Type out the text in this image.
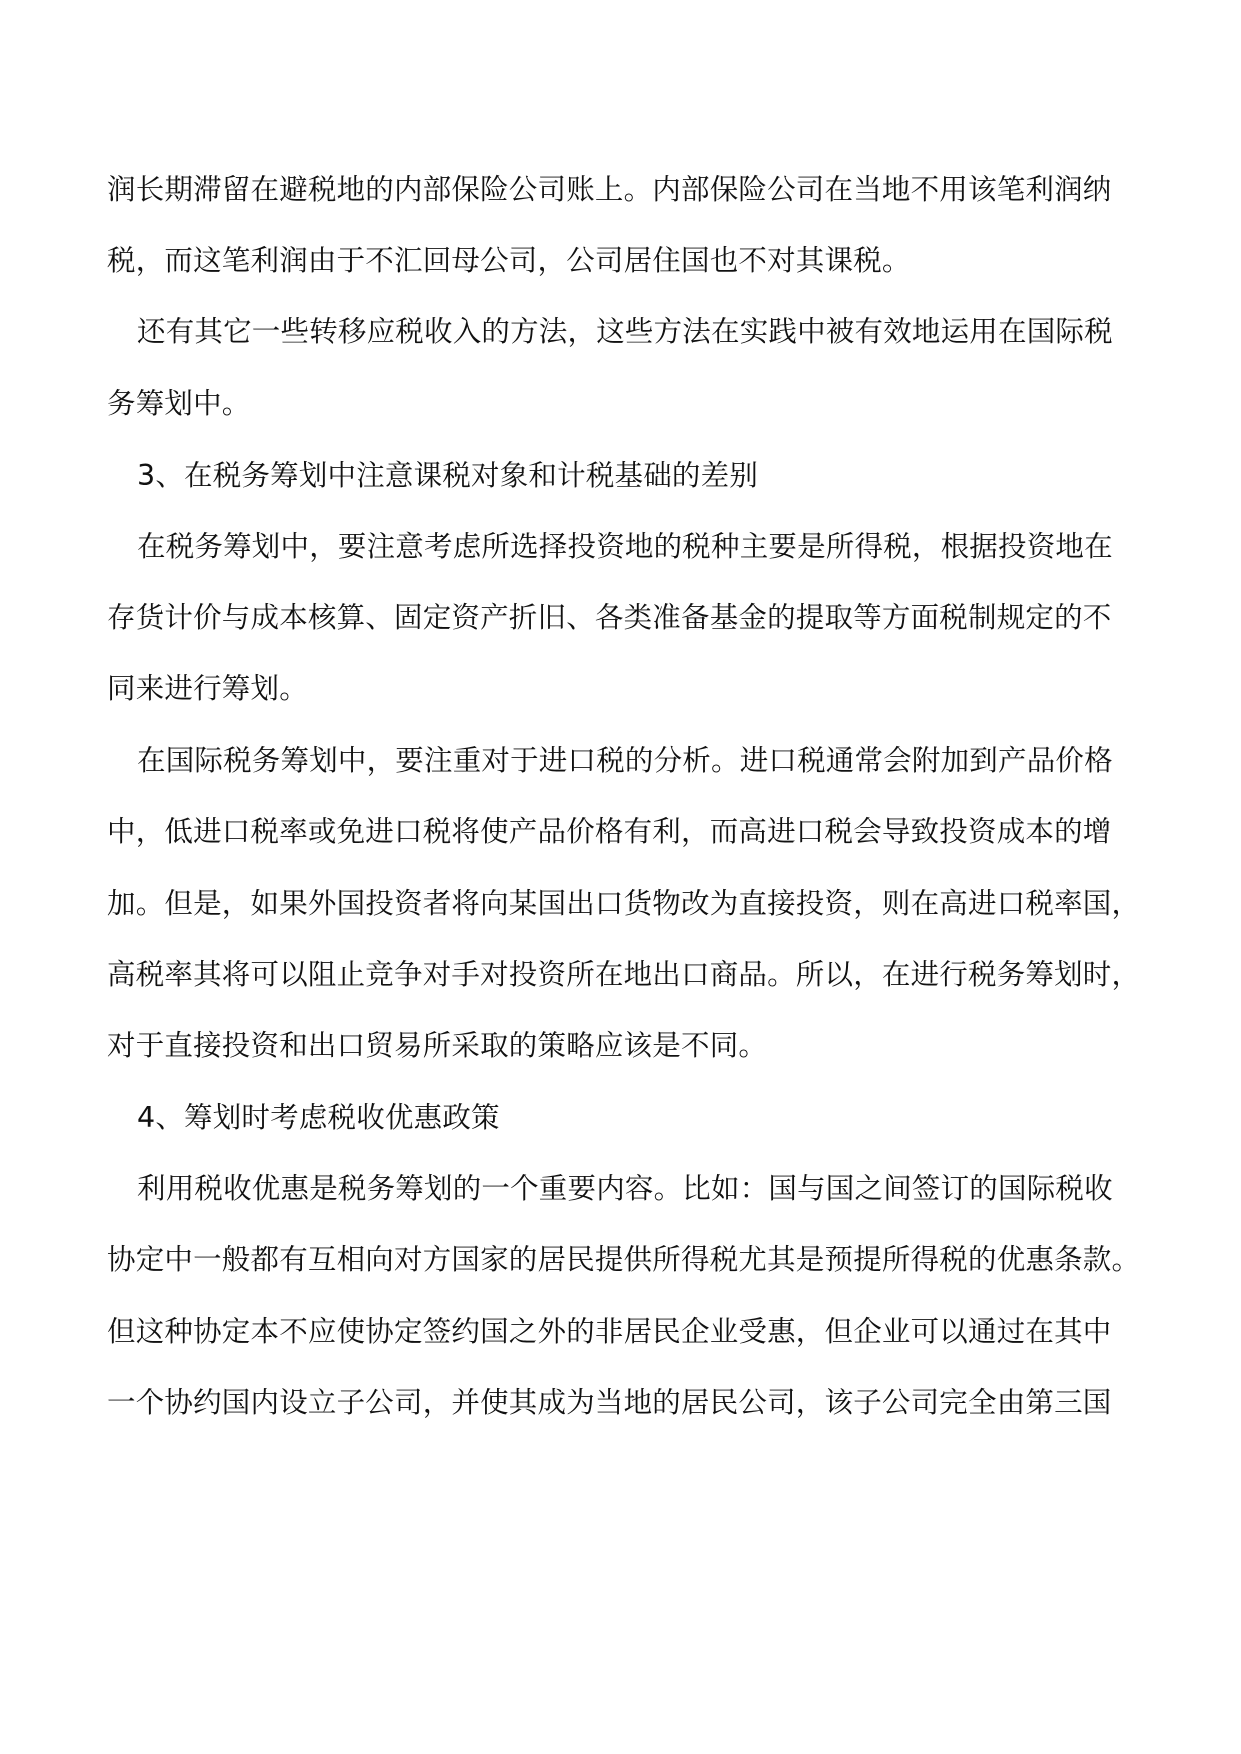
润长期滞留在避税地的内部保险公司账上。内部保险公司在当地不用该笔利润纳
税，而这笔利润由于不汇回母公司，公司居住国也不对其课税。
还有其它一些转移应税收入的方法，这些方法在实践中被有效地运用在国际税
务筹划中。
3、在税务筹划中注意课税对象和计税基础的差别
在税务筹划中，要注意考虑所选择投资地的税种主要是所得税，根据投资地在
存货计价与成本核算、固定资产折旧、各类准备基金的提取等方面税制规定的不
同来进行筹划。
在国际税务筹划中，要注重对于进口税的分析。进口税通常会附加到产品价格
中，低进口税率或免进口税将使产品价格有利，而高进口税会导致投资成本的增
加。但是，如果外国投资者将向某国出口货物改为直接投资，则在高进口税率国，
高税率其将可以阻止竞争对手对投资所在地出口商品。所以，在进行税务筹划时，
对于直接投资和出口贸易所采取的策略应该是不同。
4、筹划时考虑税收优惠政策
利用税收优惠是税务筹划的一个重要内容。比如：国与国之间签订的国际税收
协定中一般都有互相向对方国家的居民提供所得税尤其是预提所得税的优惠条款。
但这种协定本不应使协定签约国之外的非居民企业受惠，但企业可以通过在其中
一个协约国内设立子公司，并使其成为当地的居民公司，该子公司完全由第三国
